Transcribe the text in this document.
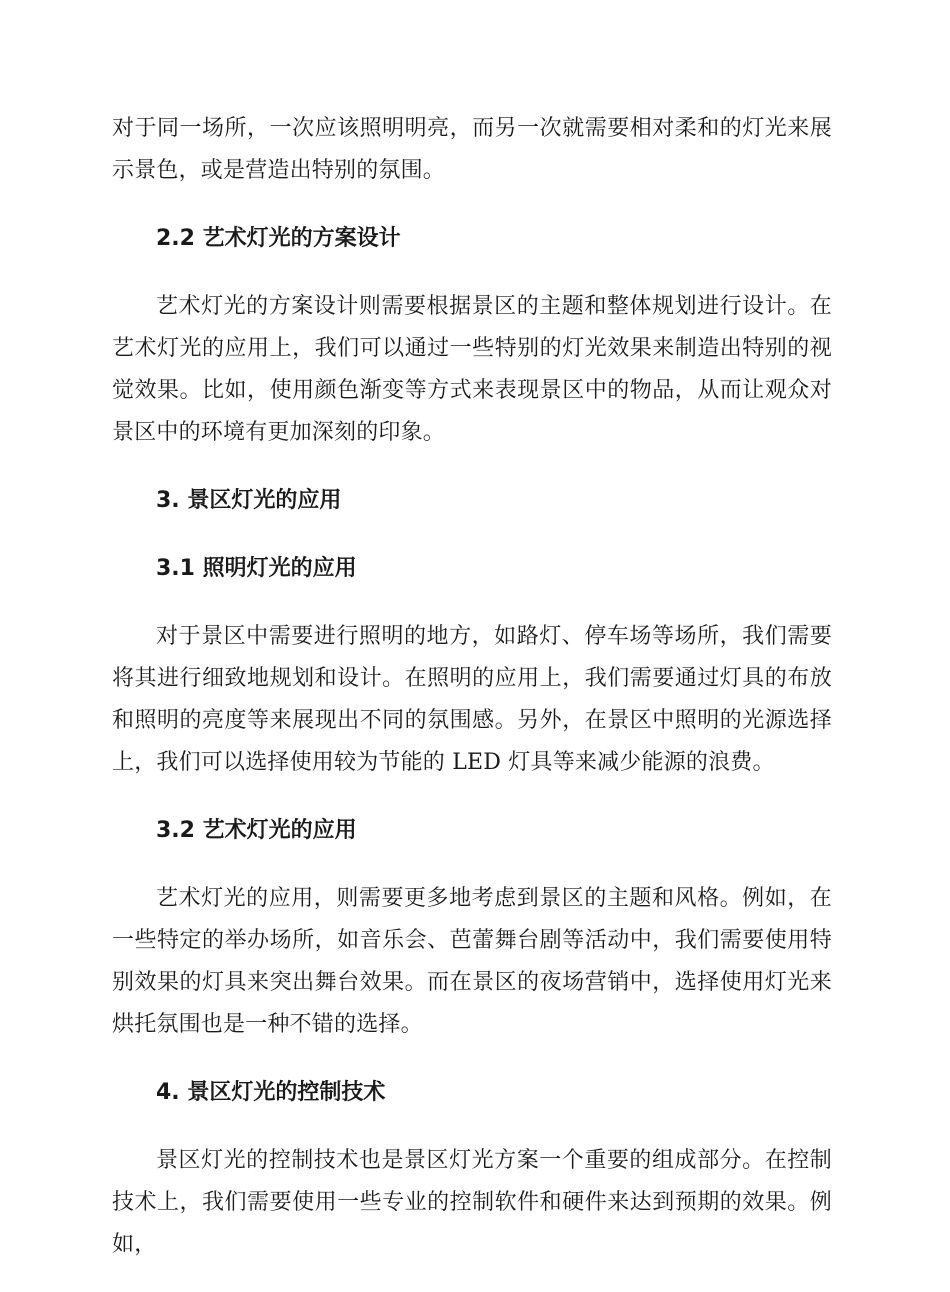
对于同一场所，一次应该照明明亮，而另一次就需要相对柔和的灯光来展示景色，或是营造出特别的氛围。

2.2 艺术灯光的方案设计

艺术灯光的方案设计则需要根据景区的主题和整体规划进行设计。在艺术灯光的应用上，我们可以通过一些特别的灯光效果来制造出特别的视觉效果。比如，使用颜色渐变等方式来表现景区中的物品，从而让观众对景区中的环境有更加深刻的印象。

3. 景区灯光的应用
3.1 照明灯光的应用

对于景区中需要进行照明的地方，如路灯、停车场等场所，我们需要将其进行细致地规划和设计。在照明的应用上，我们需要通过灯具的布放和照明的亮度等来展现出不同的氛围感。另外，在景区中照明的光源选择上，我们可以选择使用较为节能的 LED 灯具等来减少能源的浪费。

3.2 艺术灯光的应用

艺术灯光的应用，则需要更多地考虑到景区的主题和风格。例如，在一些特定的举办场所，如音乐会、芭蕾舞台剧等活动中，我们需要使用特别效果的灯具来突出舞台效果。而在景区的夜场营销中，选择使用灯光来烘托氛围也是一种不错的选择。

4. 景区灯光的控制技术

景区灯光的控制技术也是景区灯光方案一个重要的组成部分。在控制技术上，我们需要使用一些专业的控制软件和硬件来达到预期的效果。例如，
